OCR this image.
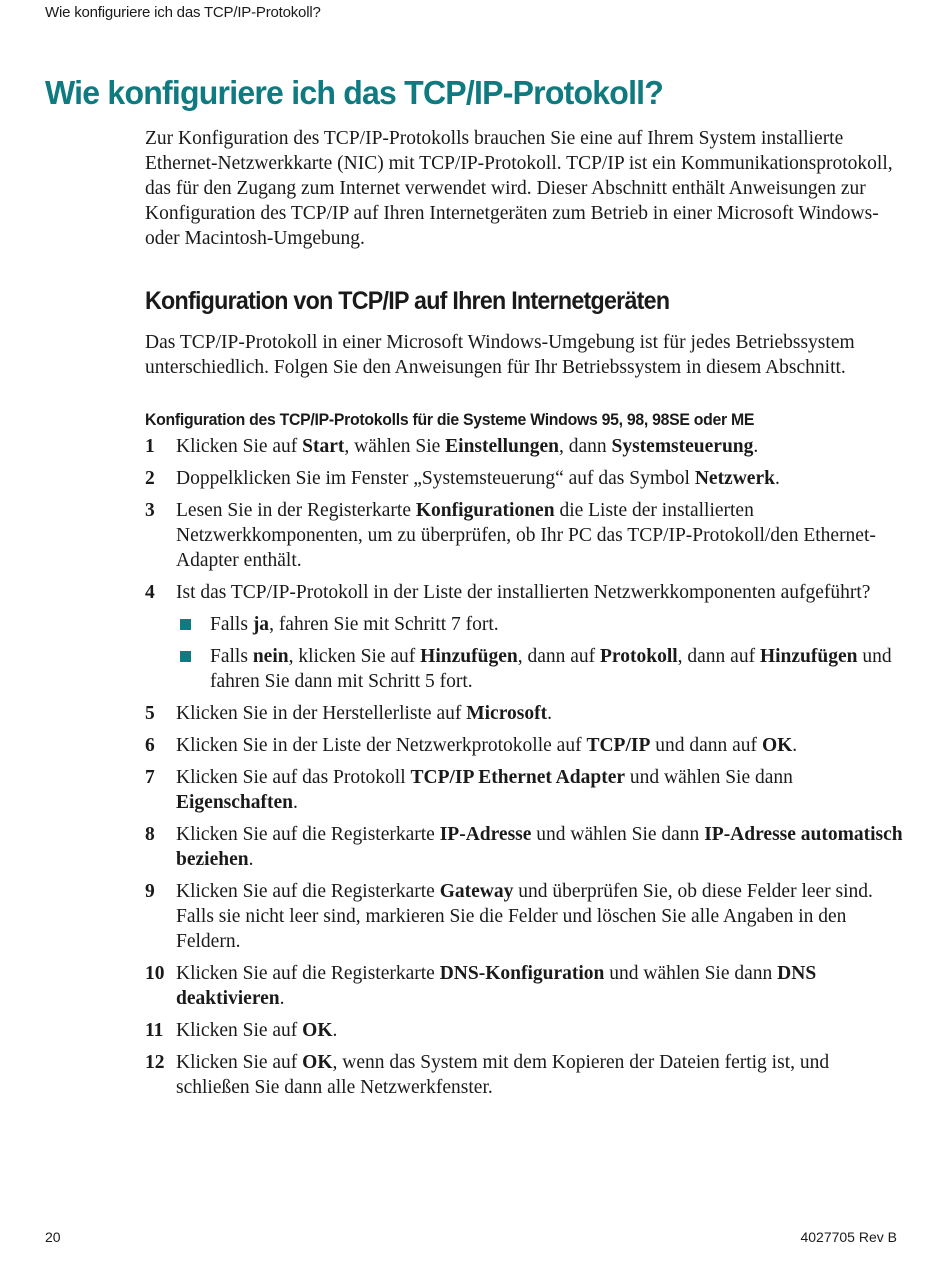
Wie konfiguriere ich das TCP/IP-Protokoll?
Wie konfiguriere ich das TCP/IP-Protokoll?

Zur Konfiguration des TCP/IP-Protokolls brauchen Sie eine auf Ihrem System installierte Ethernet-Netzwerkkarte (NIC) mit TCP/IP-Protokoll. TCP/IP ist ein Kommunikationsprotokoll, das für den Zugang zum Internet verwendet wird. Dieser Abschnitt enthält Anweisungen zur Konfiguration des TCP/IP auf Ihren Internetgeräten zum Betrieb in einer Microsoft Windows- oder Macintosh-Umgebung.

Konfiguration von TCP/IP auf Ihren Internetgeräten

Das TCP/IP-Protokoll in einer Microsoft Windows-Umgebung ist für jedes Betriebssystem unterschiedlich. Folgen Sie den Anweisungen für Ihr Betriebssystem in diesem Abschnitt.

Konfiguration des TCP/IP-Protokolls für die Systeme Windows 95, 98, 98SE oder ME
1 Klicken Sie auf Start, wählen Sie Einstellungen, dann Systemsteuerung.
2 Doppelklicken Sie im Fenster „Systemsteuerung“ auf das Symbol Netzwerk.
3 Lesen Sie in der Registerkarte Konfigurationen die Liste der installierten Netzwerkkomponenten, um zu überprüfen, ob Ihr PC das TCP/IP-Protokoll/den Ethernet-Adapter enthält.
4 Ist das TCP/IP-Protokoll in der Liste der installierten Netzwerkkomponenten aufgeführt?
Falls ja, fahren Sie mit Schritt 7 fort.
Falls nein, klicken Sie auf Hinzufügen, dann auf Protokoll, dann auf Hinzufügen und fahren Sie dann mit Schritt 5 fort.
5 Klicken Sie in der Herstellerliste auf Microsoft.
6 Klicken Sie in der Liste der Netzwerkprotokolle auf TCP/IP und dann auf OK.
7 Klicken Sie auf das Protokoll TCP/IP Ethernet Adapter und wählen Sie dann Eigenschaften.
8 Klicken Sie auf die Registerkarte IP-Adresse und wählen Sie dann IP-Adresse automatisch beziehen.
9 Klicken Sie auf die Registerkarte Gateway und überprüfen Sie, ob diese Felder leer sind. Falls sie nicht leer sind, markieren Sie die Felder und löschen Sie alle Angaben in den Feldern.
10 Klicken Sie auf die Registerkarte DNS-Konfiguration und wählen Sie dann DNS deaktivieren.
11 Klicken Sie auf OK.
12 Klicken Sie auf OK, wenn das System mit dem Kopieren der Dateien fertig ist, und schließen Sie dann alle Netzwerkfenster.
20	4027705 Rev B
